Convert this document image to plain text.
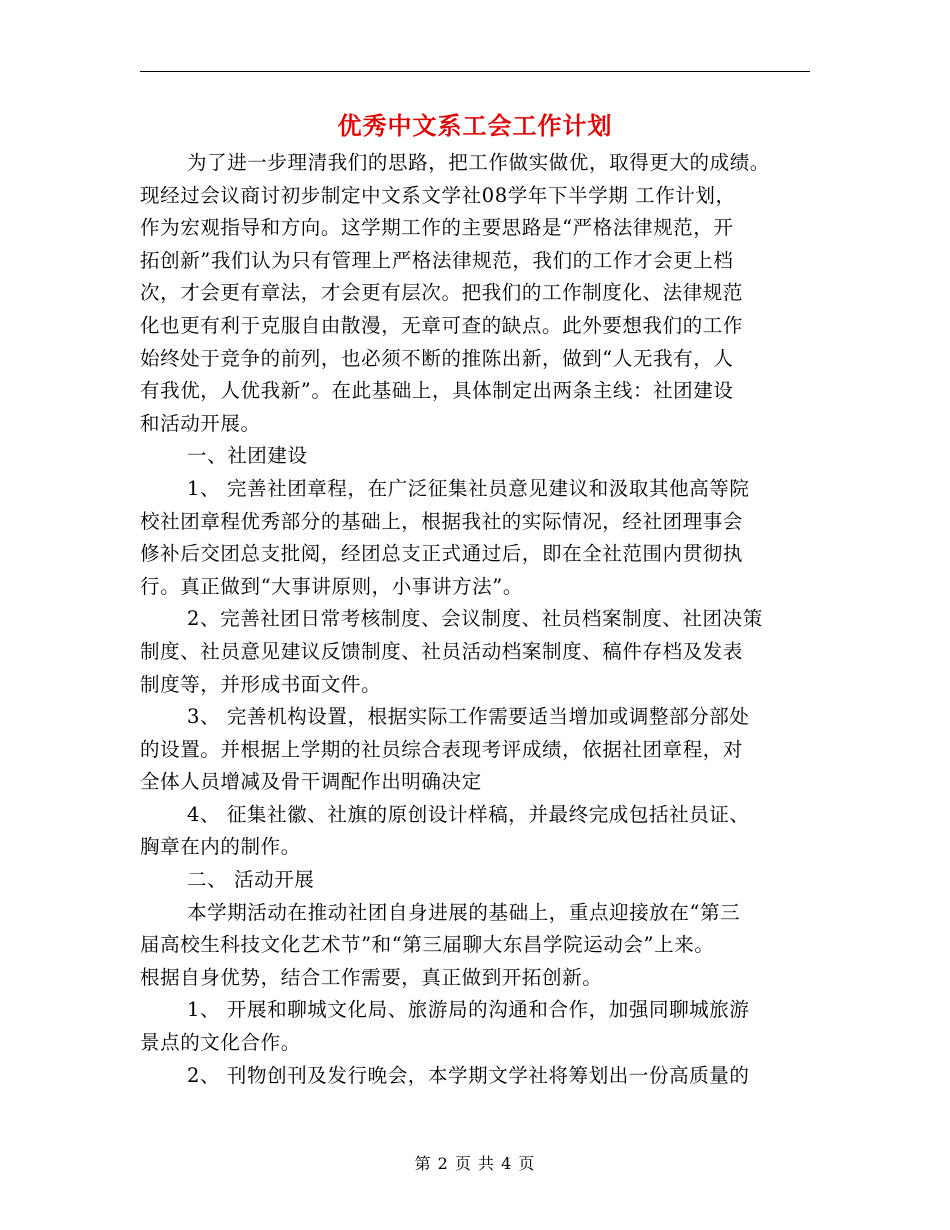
优秀中文系工会工作计划
为了进一步理清我们的思路，把工作做实做优，取得更大的成绩。
现经过会议商讨初步制定中文系文学社08学年下半学期 工作计划，
作为宏观指导和方向。这学期工作的主要思路是“严格法律规范，开
拓创新”我们认为只有管理上严格法律规范，我们的工作才会更上档
次，才会更有章法，才会更有层次。把我们的工作制度化、法律规范
化也更有利于克服自由散漫，无章可查的缺点。此外要想我们的工作
始终处于竞争的前列，也必须不断的推陈出新，做到“人无我有，人
有我优，人优我新”。在此基础上，具体制定出两条主线：社团建设
和活动开展。
一、社团建设
1、 完善社团章程，在广泛征集社员意见建议和汲取其他高等院
校社团章程优秀部分的基础上，根据我社的实际情况，经社团理事会
修补后交团总支批阅，经团总支正式通过后，即在全社范围内贯彻执
行。真正做到“大事讲原则，小事讲方法”。
2、完善社团日常考核制度、会议制度、社员档案制度、社团决策
制度、社员意见建议反馈制度、社员活动档案制度、稿件存档及发表
制度等，并形成书面文件。
3、 完善机构设置，根据实际工作需要适当增加或调整部分部处
的设置。并根据上学期的社员综合表现考评成绩，依据社团章程，对
全体人员增减及骨干调配作出明确决定
4、 征集社徽、社旗的原创设计样稿，并最终完成包括社员证、
胸章在内的制作。
二、 活动开展
本学期活动在推动社团自身进展的基础上，重点迎接放在“第三
届高校生科技文化艺术节”和“第三届聊大东昌学院运动会”上来。
根据自身优势，结合工作需要，真正做到开拓创新。
1、 开展和聊城文化局、旅游局的沟通和合作，加强同聊城旅游
景点的文化合作。
2、 刊物创刊及发行晚会，本学期文学社将筹划出一份高质量的
第 2 页 共 4 页
